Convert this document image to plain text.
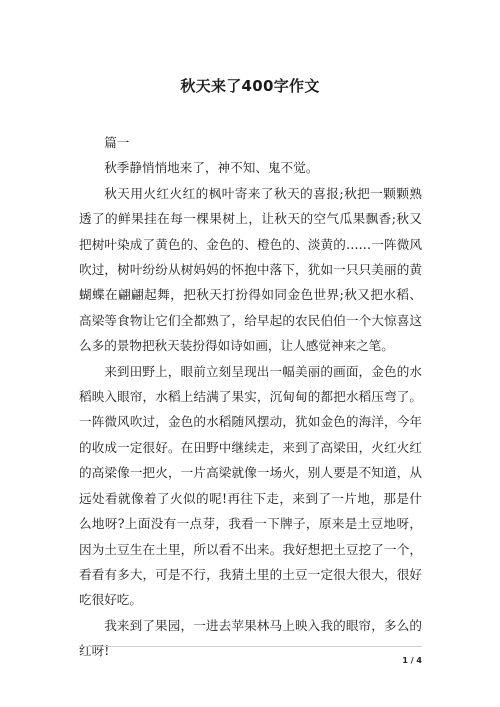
秋天来了400字作文

篇一

秋季静悄悄地来了，神不知、鬼不觉。

秋天用火红火红的枫叶寄来了秋天的喜报;秋把一颗颗熟透了的鲜果挂在每一棵果树上，让秋天的空气瓜果飘香;秋又把树叶染成了黄色的、金色的、橙色的、淡黄的……一阵微风吹过，树叶纷纷从树妈妈的怀抱中落下，犹如一只只美丽的黄蝴蝶在翩翩起舞，把秋天打扮得如同金色世界;秋又把水稻、高梁等食物让它们全都熟了，给早起的农民伯伯一个大惊喜这么多的景物把秋天装扮得如诗如画，让人感觉神来之笔。

来到田野上，眼前立刻呈现出一幅美丽的画面，金色的水稻映入眼帘，水稻上结满了果实，沉甸甸的都把水稻压弯了。一阵微风吹过，金色的水稻随风摆动，犹如金色的海洋，今年的收成一定很好。在田野中继续走，来到了高梁田，火红火红的高梁像一把火，一片高梁就像一场火，别人要是不知道，从远处看就像着了火似的呢!再往下走，来到了一片地，那是什么地呀?上面没有一点芽，我看一下牌子，原来是土豆地呀，因为土豆生在土里，所以看不出来。我好想把土豆挖了一个，看看有多大，可是不行，我猜土里的土豆一定很大很大，很好吃很好吃。

我来到了果园，一进去苹果林马上映入我的眼帘，多么的红呀!

1 / 4
